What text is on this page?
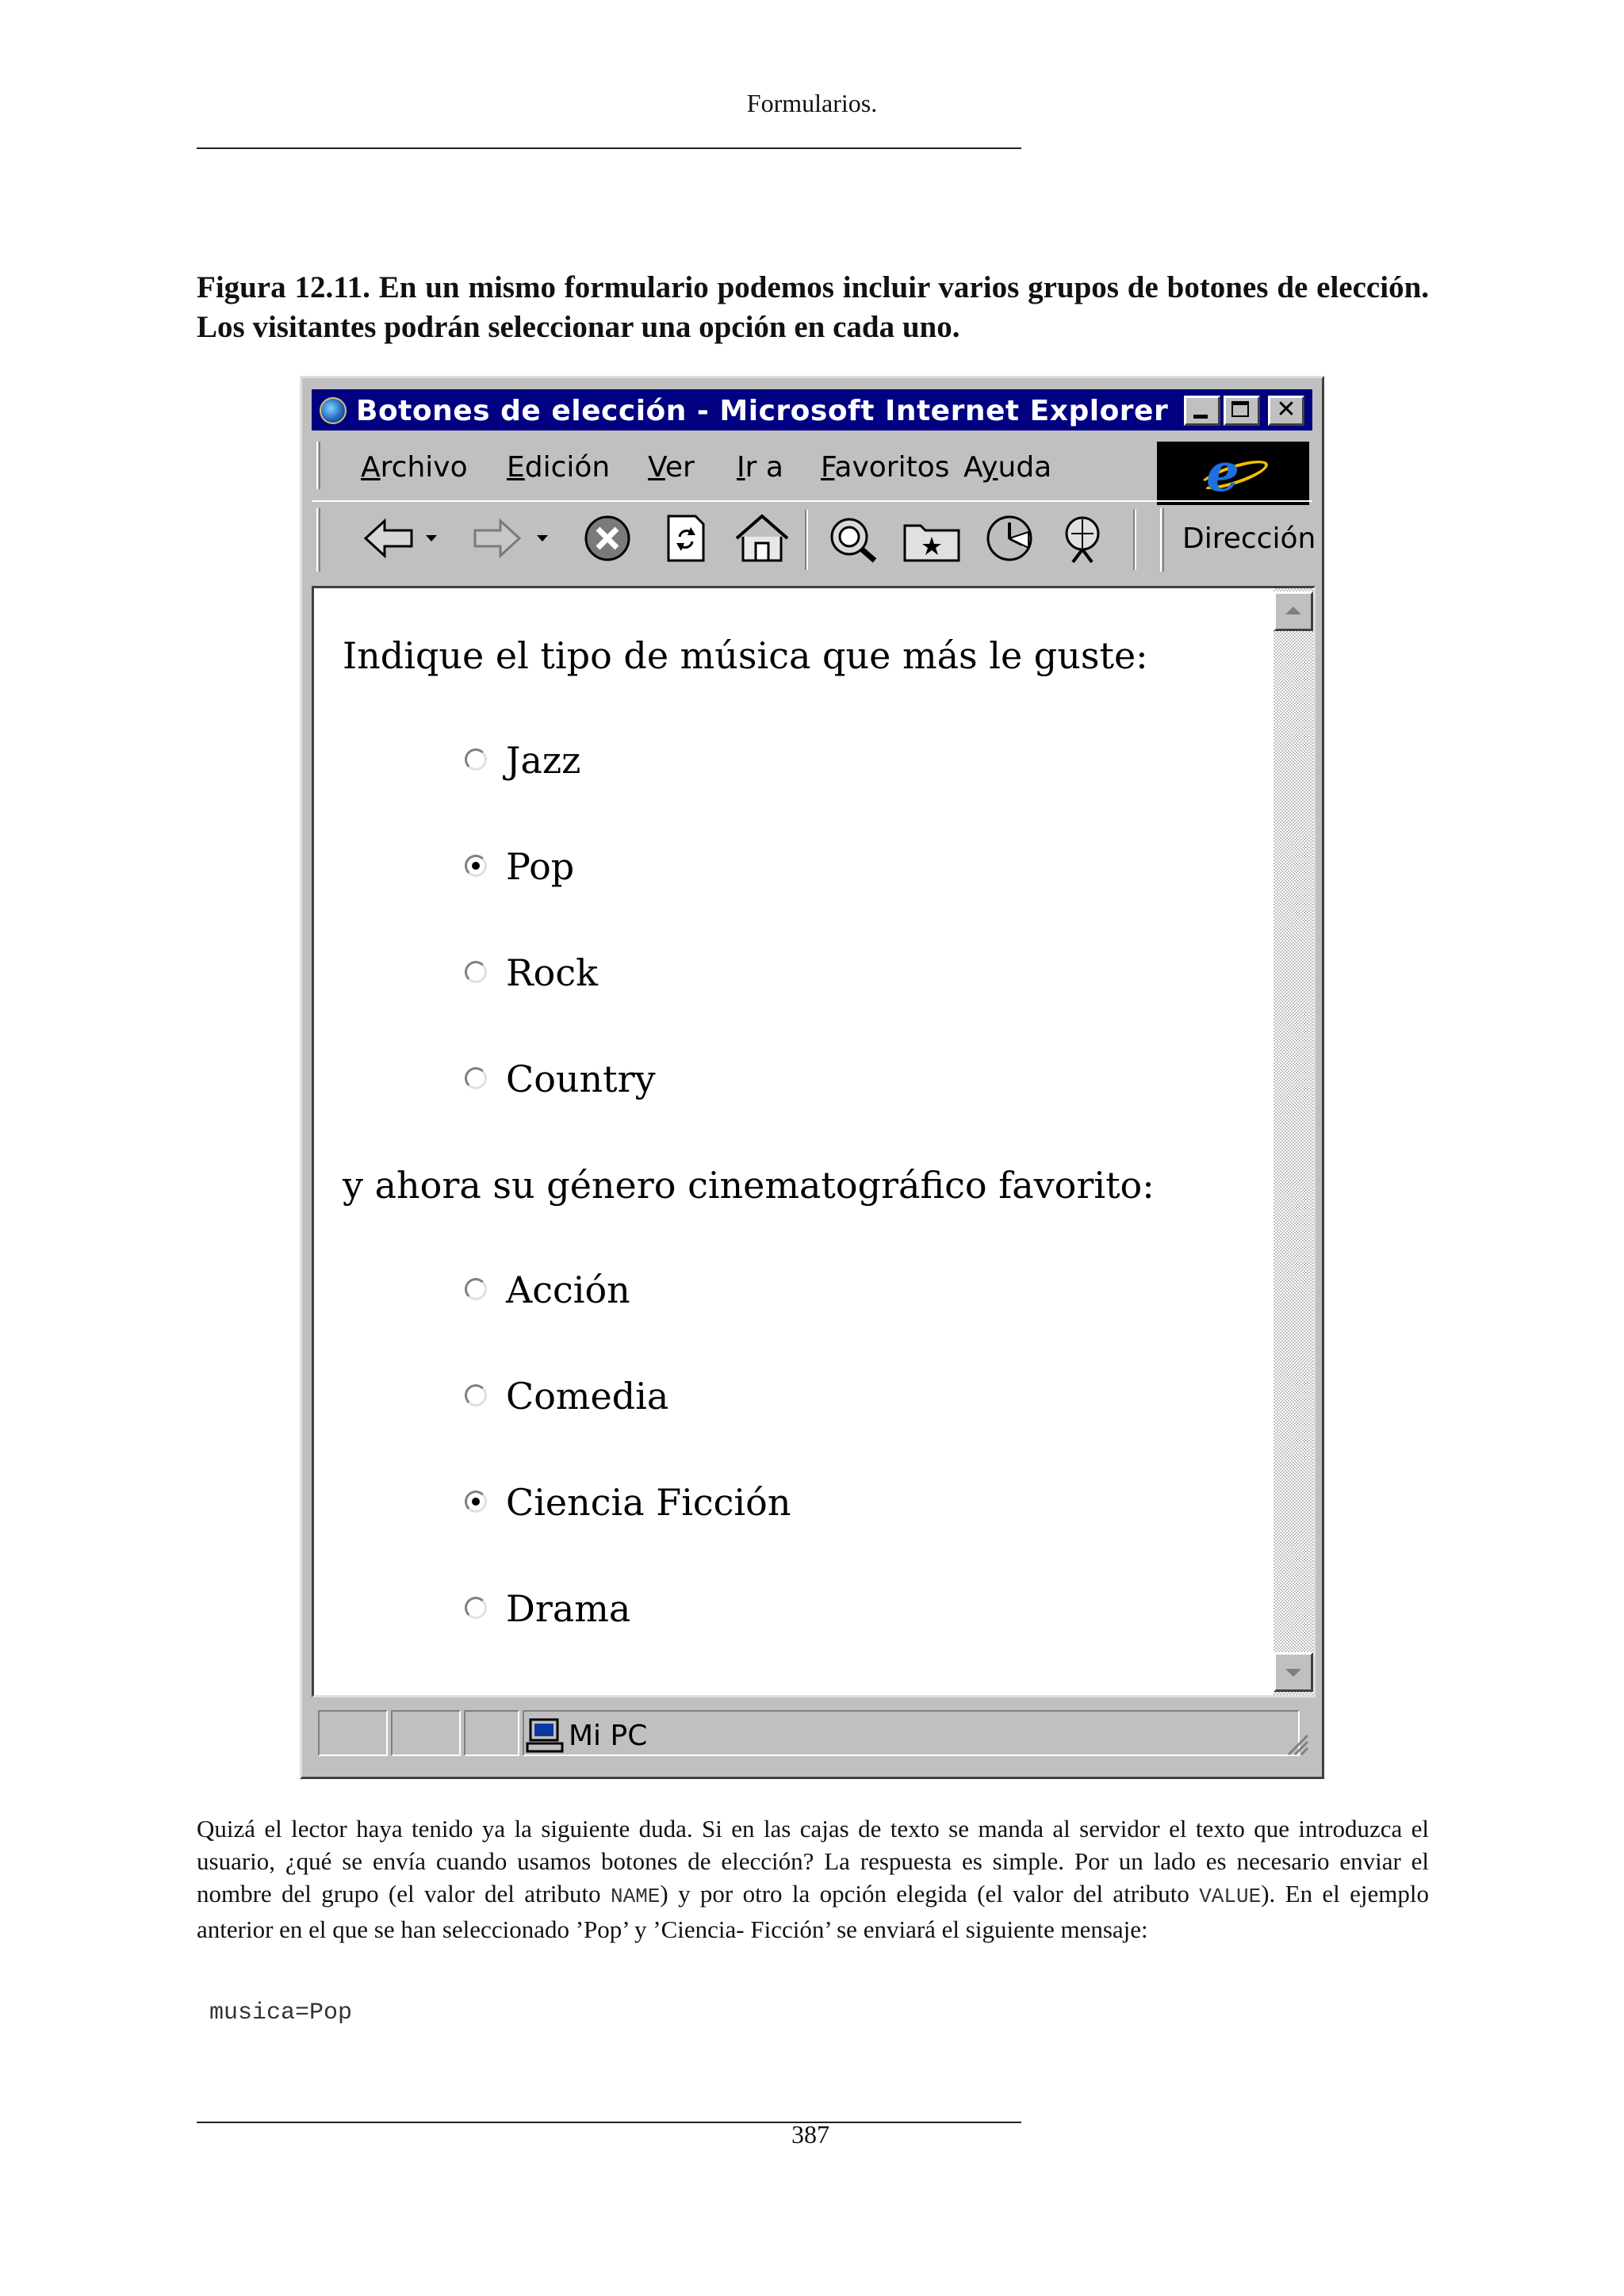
Formularios.
Figura 12.11. En un mismo formulario podemos incluir varios grupos de botones de elección. Los visitantes podrán seleccionar una opción en cada uno.
Botones de elección - Microsoft Internet Explorer	✕
Archivo Edición Ver Ir a Favoritos Ayuda	e
Dirección
Indique el tipo de música que más le guste:
Jazz
Pop
Rock
Country
y ahora su género cinematográfico favorito:
Acción
Comedia
Ciencia Ficción
Drama
Mi PC
Quizá el lector haya tenido ya la siguiente duda. Si en las cajas de texto se manda al servidor el texto que introduzca el usuario, ¿qué se envía cuando usamos botones de elección? La respuesta es simple. Por un lado es necesario enviar el nombre del grupo (el valor del atributo NAME) y por otro la opción elegida (el valor del atributo VALUE). En el ejemplo anterior en el que se han seleccionado ’Pop’ y ’Ciencia- Ficción’ se enviará el siguiente mensaje:
musica=Pop
387
